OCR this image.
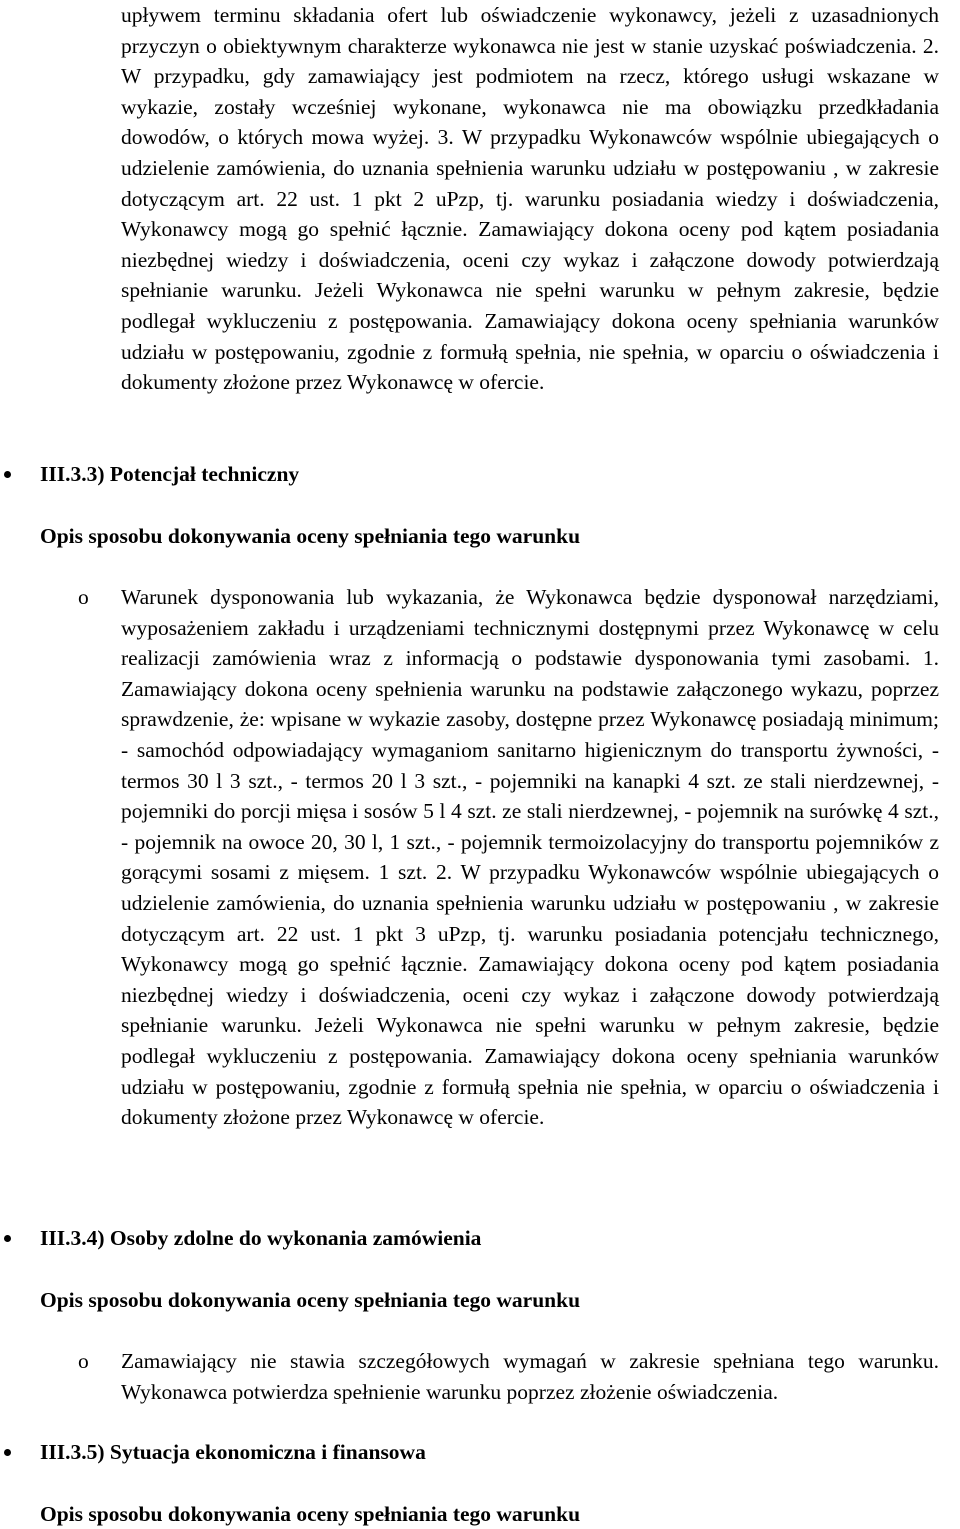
upływem terminu składania ofert lub oświadczenie wykonawcy, jeżeli z uzasadnionych przyczyn o obiektywnym charakterze wykonawca nie jest w stanie uzyskać poświadczenia. 2. W przypadku, gdy zamawiający jest podmiotem na rzecz, którego usługi wskazane w wykazie, zostały wcześniej wykonane, wykonawca nie ma obowiązku przedkładania dowodów, o których mowa wyżej. 3. W przypadku Wykonawców wspólnie ubiegających o udzielenie zamówienia, do uznania spełnienia warunku udziału w postępowaniu , w zakresie dotyczącym art. 22 ust. 1 pkt 2 uPzp, tj. warunku posiadania wiedzy i doświadczenia, Wykonawcy mogą go spełnić łącznie. Zamawiający dokona oceny pod kątem posiadania niezbędnej wiedzy i doświadczenia, oceni czy wykaz i załączone dowody potwierdzają spełnianie warunku. Jeżeli Wykonawca nie spełni warunku w pełnym zakresie, będzie podlegał wykluczeniu z postępowania. Zamawiający dokona oceny spełniania warunków udziału w postępowaniu, zgodnie z formułą spełnia, nie spełnia, w oparciu o oświadczenia i dokumenty złożone przez Wykonawcę w ofercie.

III.3.3) Potencjał techniczny
Opis sposobu dokonywania oceny spełniania tego warunku
o Warunek dysponowania lub wykazania, że Wykonawca będzie dysponował narzędziami, wyposażeniem zakładu i urządzeniami technicznymi dostępnymi przez Wykonawcę w celu realizacji zamówienia wraz z informacją o podstawie dysponowania tymi zasobami. 1. Zamawiający dokona oceny spełnienia warunku na podstawie załączonego wykazu, poprzez sprawdzenie, że: wpisane w wykazie zasoby, dostępne przez Wykonawcę posiadają minimum; - samochód odpowiadający wymaganiom sanitarno higienicznym do transportu żywności, - termos 30 l 3 szt., - termos 20 l 3 szt., - pojemniki na kanapki 4 szt. ze stali nierdzewnej, - pojemniki do porcji mięsa i sosów 5 l 4 szt. ze stali nierdzewnej, - pojemnik na surówkę 4 szt., - pojemnik na owoce 20, 30 l, 1 szt., - pojemnik termoizolacyjny do transportu pojemników z gorącymi sosami z mięsem. 1 szt. 2. W przypadku Wykonawców wspólnie ubiegających o udzielenie zamówienia, do uznania spełnienia warunku udziału w postępowaniu , w zakresie dotyczącym art. 22 ust. 1 pkt 3 uPzp, tj. warunku posiadania potencjału technicznego, Wykonawcy mogą go spełnić łącznie. Zamawiający dokona oceny pod kątem posiadania niezbędnej wiedzy i doświadczenia, oceni czy wykaz i załączone dowody potwierdzają spełnianie warunku. Jeżeli Wykonawca nie spełni warunku w pełnym zakresie, będzie podlegał wykluczeniu z postępowania. Zamawiający dokona oceny spełniania warunków udziału w postępowaniu, zgodnie z formułą spełnia nie spełnia, w oparciu o oświadczenia i dokumenty złożone przez Wykonawcę w ofercie.

III.3.4) Osoby zdolne do wykonania zamówienia
Opis sposobu dokonywania oceny spełniania tego warunku
o Zamawiający nie stawia szczegółowych wymagań w zakresie spełniana tego warunku. Wykonawca potwierdza spełnienie warunku poprzez złożenie oświadczenia.

III.3.5) Sytuacja ekonomiczna i finansowa
Opis sposobu dokonywania oceny spełniania tego warunku
